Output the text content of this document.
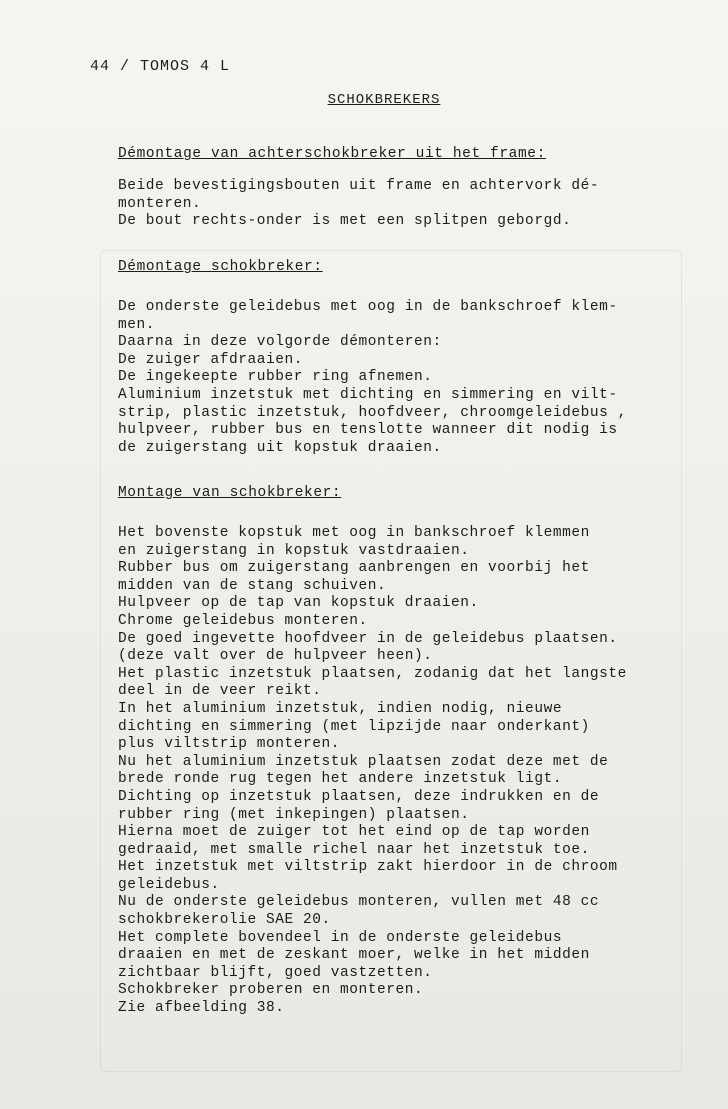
44 / TOMOS 4 L
SCHOKBREKERS
Démontage van achterschokbreker uit het frame:
Beide bevestigingsbouten uit frame en achtervork dé-
monteren.
De bout rechts-onder is met een splitpen geborgd.
Démontage schokbreker:
De onderste geleidebus met oog in de bankschroef klem-
men.
Daarna in deze volgorde démonteren:
De zuiger afdraaien.
De ingekeepte rubber ring afnemen.
Aluminium inzetstuk met dichting en simmering en vilt-
strip, plastic inzetstuk, hoofdveer, chroomgeleidebus ,
hulpveer, rubber bus en tenslotte wanneer dit nodig is
de zuigerstang uit kopstuk draaien.
Montage van schokbreker:
Het bovenste kopstuk met oog in bankschroef klemmen
en zuigerstang in kopstuk vastdraaien.
Rubber bus om zuigerstang aanbrengen en voorbij het
midden van de stang schuiven.
Hulpveer op de tap van kopstuk draaien.
Chrome geleidebus monteren.
De goed ingevette hoofdveer in de geleidebus plaatsen.
(deze valt over de hulpveer heen).
Het plastic inzetstuk plaatsen, zodanig dat het langste
deel in de veer reikt.
In het aluminium inzetstuk, indien nodig, nieuwe
dichting en simmering (met lipzijde naar onderkant)
plus viltstrip monteren.
Nu het aluminium inzetstuk plaatsen zodat deze met de
brede ronde rug tegen het andere inzetstuk ligt.
Dichting op inzetstuk plaatsen, deze indrukken en de
rubber ring (met inkepingen) plaatsen.
Hierna moet de zuiger tot het eind op de tap worden
gedraaid, met smalle richel naar het inzetstuk toe.
Het inzetstuk met viltstrip zakt hierdoor in de chroom
geleidebus.
Nu de onderste geleidebus monteren, vullen met 48 cc
schokbrekerolie SAE 20.
Het complete bovendeel in de onderste geleidebus
draaien en met de zeskant moer, welke in het midden
zichtbaar blijft, goed vastzetten.
Schokbreker proberen en monteren.
Zie afbeelding 38.
